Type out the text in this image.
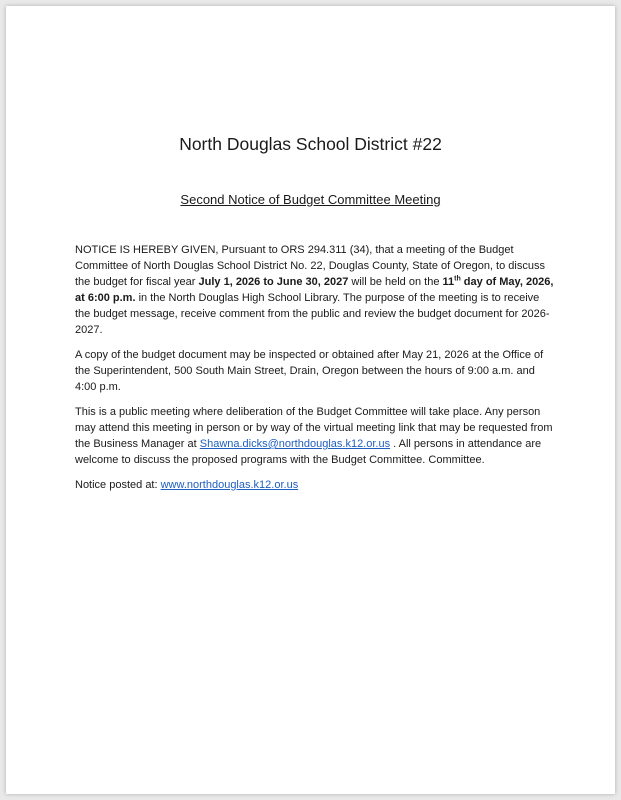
North Douglas School District #22
Second Notice of Budget Committee Meeting

NOTICE IS HEREBY GIVEN, Pursuant to ORS 294.311 (34), that a meeting of the Budget Committee of North Douglas School District No. 22, Douglas County, State of Oregon, to discuss the budget for fiscal year July 1, 2026 to June 30, 2027 will be held on the 11th day of May, 2026, at 6:00 p.m. in the North Douglas High School Library. The purpose of the meeting is to receive the budget message, receive comment from the public and review the budget document for 2026-2027.

A copy of the budget document may be inspected or obtained after May 21, 2026 at the Office of the Superintendent, 500 South Main Street, Drain, Oregon between the hours of 9:00 a.m. and 4:00 p.m.

This is a public meeting where deliberation of the Budget Committee will take place. Any person may attend this meeting in person or by way of the virtual meeting link that may be requested from the Business Manager at Shawna.dicks@northdouglas.k12.or.us . All persons in attendance are welcome to discuss the proposed programs with the Budget Committee. Committee.

Notice posted at: www.northdouglas.k12.or.us
